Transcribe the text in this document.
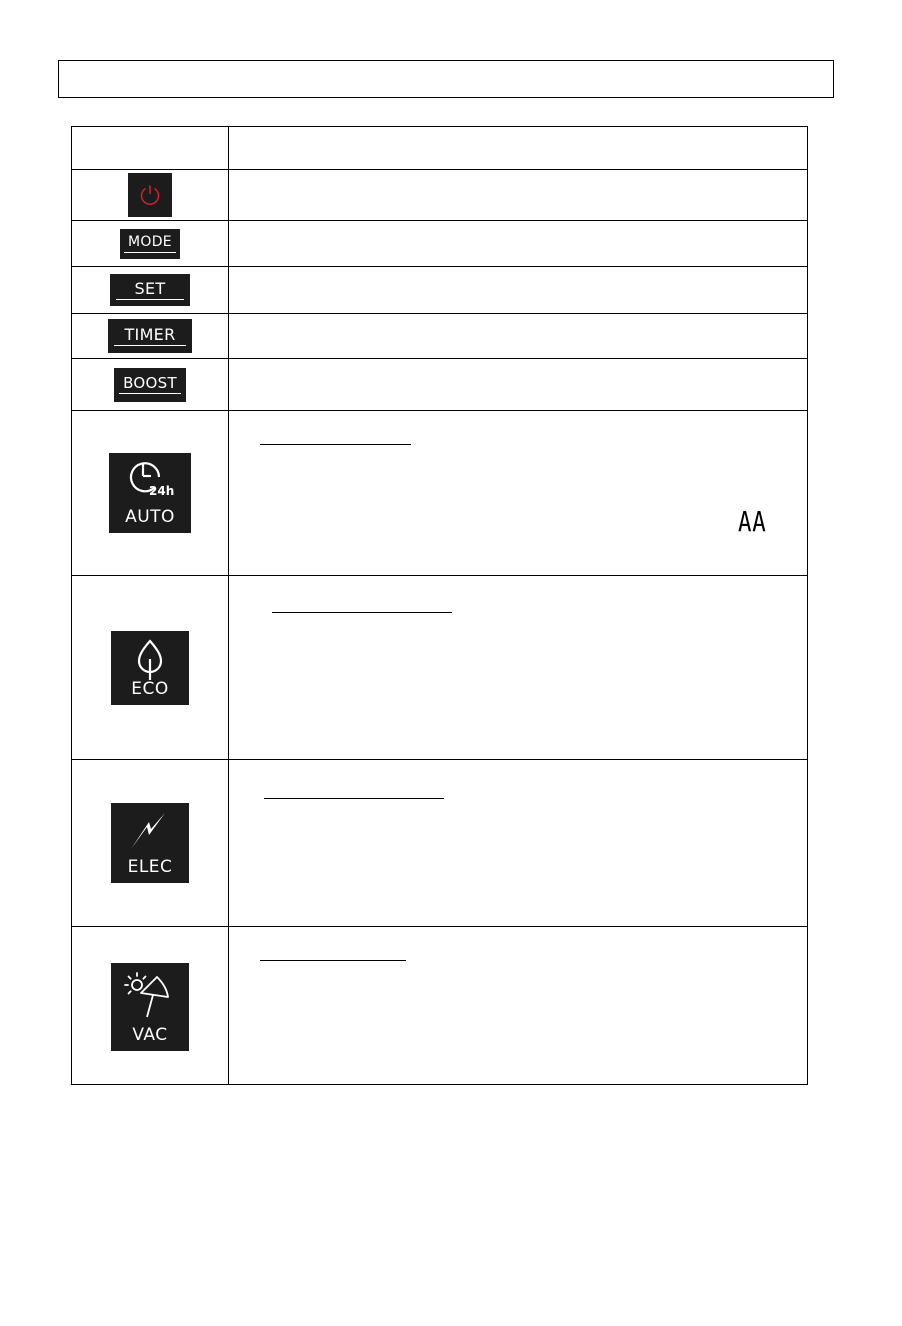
MODE
SET
TIMER
BOOST
24h
AUTO	AA
ECO
ELEC
VAC
